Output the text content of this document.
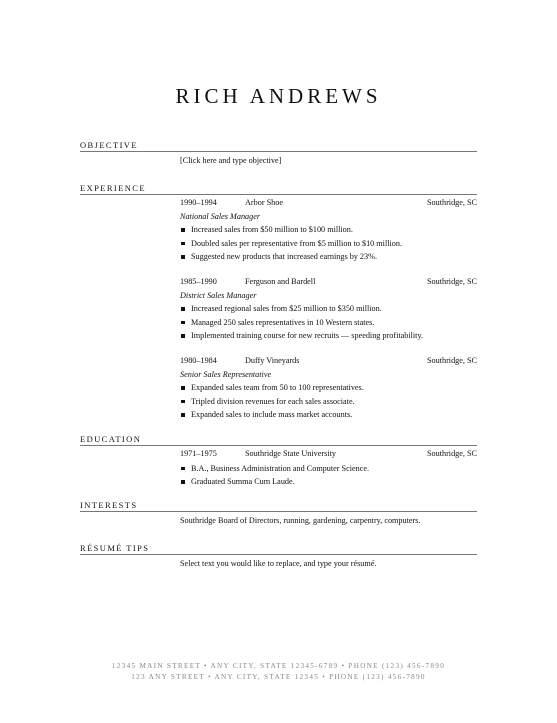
RICH ANDREWS
OBJECTIVE
[Click here and type objective]
EXPERIENCE
1990–1994	Arbor Shoe	Southridge, SC
National Sales Manager
Increased sales from $50 million to $100 million.
Doubled sales per representative from $5 million to $10 million.
Suggested new products that increased earnings by 23%.
1985–1990	Ferguson and Bardell	Southridge, SC
District Sales Manager
Increased regional sales from $25 million to $350 million.
Managed 250 sales representatives in 10 Western states.
Implemented training course for new recruits — speeding profitability.
1980–1984	Duffy Vineyards	Southridge, SC
Senior Sales Representative
Expanded sales team from 50 to 100 representatives.
Tripled division revenues for each sales associate.
Expanded sales to include mass market accounts.
EDUCATION
1971–1975	Southridge State University	Southridge, SC
B.A., Business Administration and Computer Science.
Graduated Summa Cum Laude.
INTERESTS
Southridge Board of Directors, running, gardening, carpentry, computers.
RÉSUMÉ TIPS
Select text you would like to replace, and type your résumé.
12345 MAIN STREET • ANY CITY, STATE 12345-6789 • PHONE (123) 456-7890
123 ANY STREET • ANY CITY, STATE 12345 • PHONE (123) 456-7890
